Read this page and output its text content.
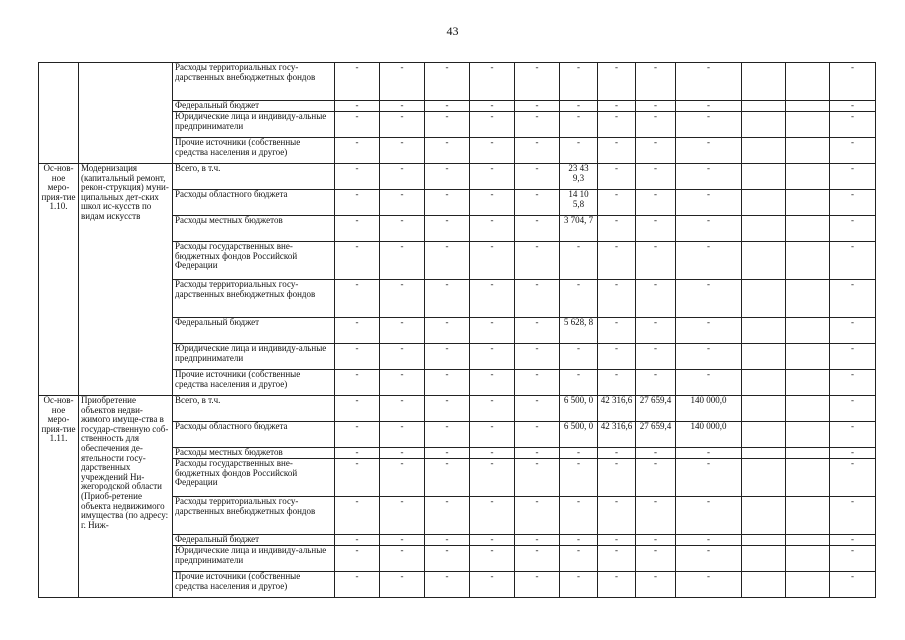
43
		Расходы территориальных госу-дарственных внебюджетных фондов	-	-	-	-	-	-	-	-	-			-
		Федеральный бюджет	-	-	-	-	-	-	-	-	-			-
		Юридические лица и индивиду-альные предприниматели	-	-	-	-	-	-	-	-	-			-
		Прочие источники (собственные средства населения и другое)	-	-	-	-	-	-	-	-	-			-
Ос-нов-ное меро-прия-тие 1.10.	Модернизация (капитальный ремонт, рекон-струкция) муни-ципальных дет-ских школ ис-кусств по видам искусств	Всего, в т.ч.	-	-	-	-	-	23 43 9,3	-	-	-			-
		Расходы областного бюджета	-	-	-	-	-	14 10 5,8	-	-	-			-
		Расходы местных бюджетов	-	-	-	-	-	3 704, 7	-	-	-			-
		Расходы государственных вне-бюджетных фондов Российской Федерации	-	-	-	-	-	-	-	-	-			-
		Расходы территориальных госу-дарственных внебюджетных фондов	-	-	-	-	-	-	-	-	-			-
		Федеральный бюджет	-	-	-	-	-	5 628, 8	-	-	-			-
		Юридические лица и индивиду-альные предприниматели	-	-	-	-	-	-	-	-	-			-
		Прочие источники (собственные средства населения и другое)	-	-	-	-	-	-	-	-	-			-
Ос-нов-ное меро-прия-тие 1.11.	Приобретение объектов недви-жимого имуще-ства в государ-ственную соб-ственность для обеспечения де-ятельности госу-дарственных учреждений Ни-жегородской области (Приоб-ретение объекта недвижимого имущества (по адресу: г. Ниж-	Всего, в т.ч.	-	-	-	-	-	6 500, 0	42 316,6	27 659,4	140 000,0			-
		Расходы областного бюджета	-	-	-	-	-	6 500, 0	42 316,6	27 659,4	140 000,0			-
		Расходы местных бюджетов	-	-	-	-	-	-	-	-	-			-
		Расходы государственных вне-бюджетных фондов Российской Федерации	-	-	-	-	-	-	-	-	-			-
		Расходы территориальных госу-дарственных внебюджетных фондов	-	-	-	-	-	-	-	-	-			-
		Федеральный бюджет	-	-	-	-	-	-	-	-	-			-
		Юридические лица и индивиду-альные предприниматели	-	-	-	-	-	-	-	-	-			-
		Прочие источники (собственные средства населения и другое)	-	-	-	-	-	-	-	-	-			-
